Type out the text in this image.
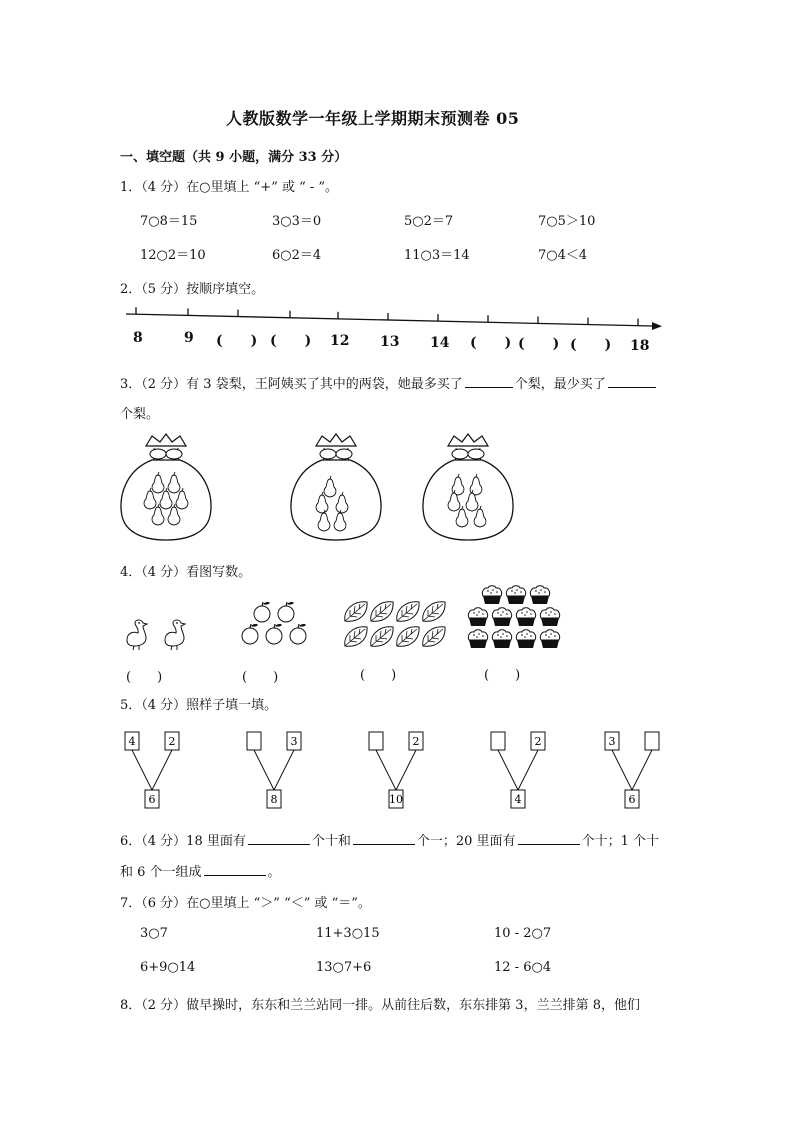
人教版数学一年级上学期期末预测卷 05
一、填空题（共 9 小题，满分 33 分）
1．（4 分）在○里填上 “+” 或 “ - ”。
7○8＝15	3○3＝0	5○2＝7	7○5＞10
12○2＝10	6○2＝4	11○3＝14	7○4＜4
2．（5 分）按顺序填空。
8	9 (　　) (　　) 12 13 14 (　　) (　　) (　　) 18
3．（2 分）有 3 袋梨，王阿姨买了其中的两袋，她最多买了	个梨，最少买了
个梨。
4．（4 分）看图写数。
(　　)	(　　)	(　　)	(　　)
5．（4 分）照样子填一填。
4	2
6
3
8
2
10
2
4
3
6
6．（4 分）18 里面有	个十和	个一；20 里面有	个十；1 个十
和 6 个一组成	。
7．（6 分）在○里填上 “＞” “＜” 或 “＝”。
3○7	11+3○15	10 - 2○7
6+9○14	13○7+6	12 - 6○4
8．（2 分）做早操时，东东和兰兰站同一排。从前往后数，东东排第 3，兰兰排第 8，他们
